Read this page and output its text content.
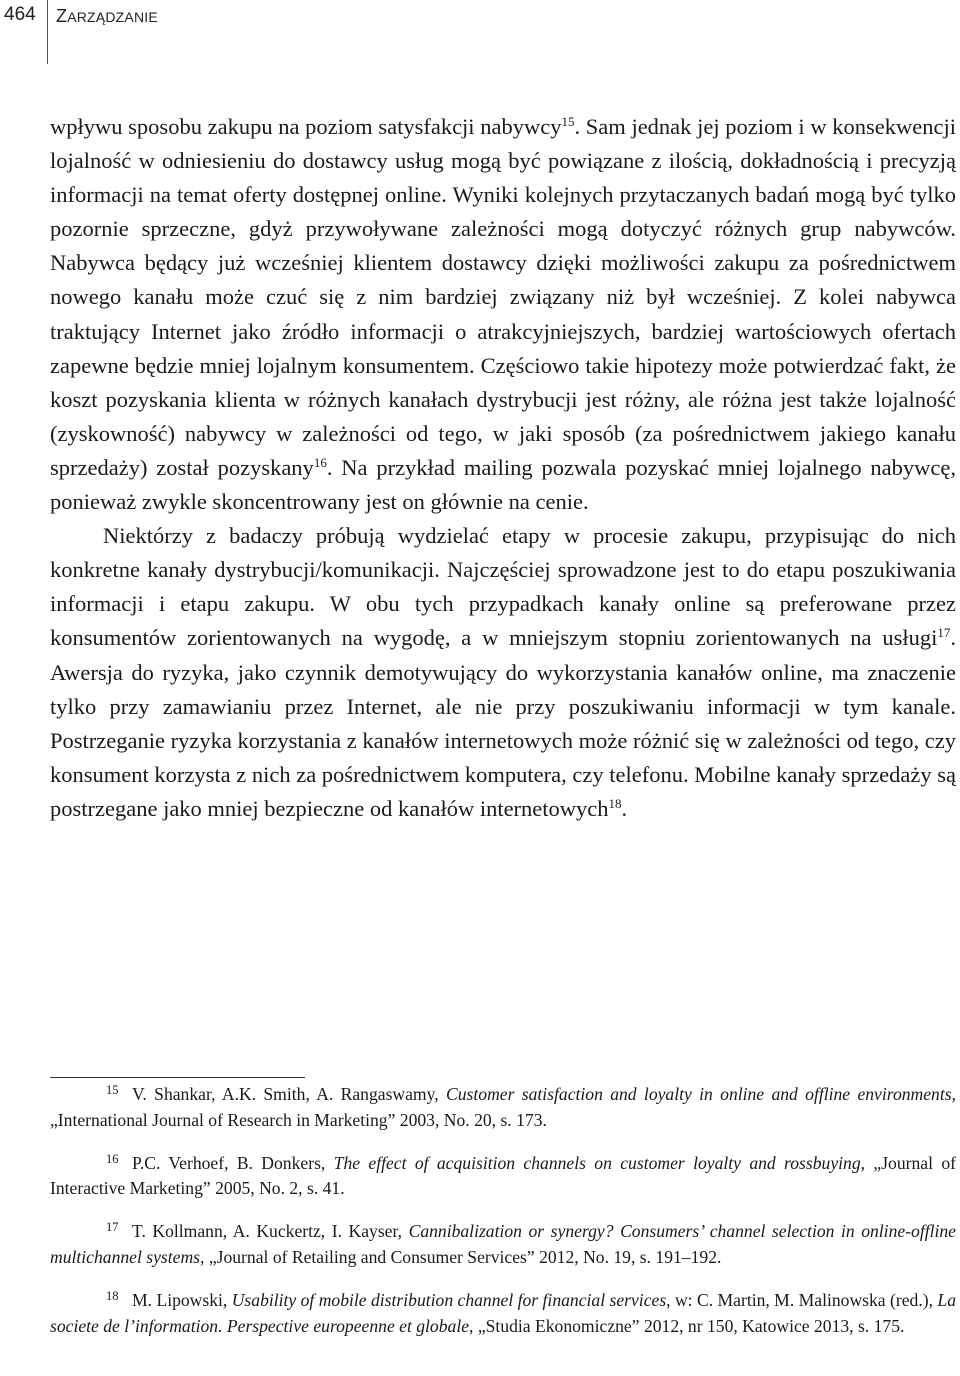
464 ZARZĄDZANIE

wpływu sposobu zakupu na poziom satysfakcji nabywcy$^{15}$. Sam jednak jej poziom i w konsekwencji lojalność w odniesieniu do dostawcy usług mogą być powiązane z ilością, dokładnością i precyzją informacji na temat oferty dostępnej online. Wyniki kolejnych przytaczanych badań mogą być tylko pozornie sprzeczne, gdyż przywoływane zależności mogą dotyczyć różnych grup nabywców. Nabywca będący już wcześniej klientem dostawcy dzięki możliwości zakupu za pośrednictwem nowego kanału może czuć się z nim bardziej związany niż był wcześniej. Z kolei nabywca traktujący Internet jako źródło informacji o atrakcyjniejszych, bardziej wartościowych ofertach zapewne będzie mniej lojalnym konsumentem. Częściowo takie hipotezy może potwierdzać fakt, że koszt pozyskania klienta w różnych kanałach dystrybucji jest różny, ale różna jest także lojalność (zyskowność) nabywcy w zależności od tego, w jaki sposób (za pośrednictwem jakiego kanału sprzedaży) został pozyskany$^{16}$. Na przykład mailing pozwala pozyskać mniej lojalnego nabywcę, ponieważ zwykle skoncentrowany jest on głównie na cenie.

Niektórzy z badaczy próbują wydzielać etapy w procesie zakupu, przypisując do nich konkretne kanały dystrybucji/komunikacji. Najczęściej sprowadzone jest to do etapu poszukiwania informacji i etapu zakupu. W obu tych przypadkach kanały online są preferowane przez konsumentów zorientowanych na wygodę, a w mniejszym stopniu zorientowanych na usługi$^{17}$. Awersja do ryzyka, jako czynnik demotywujący do wykorzystania kanałów online, ma znaczenie tylko przy zamawianiu przez Internet, ale nie przy poszukiwaniu informacji w tym kanale. Postrzeganie ryzyka korzystania z kanałów internetowych może różnić się w zależności od tego, czy konsument korzysta z nich za pośrednictwem komputera, czy telefonu. Mobilne kanały sprzedaży są postrzegane jako mniej bezpieczne od kanałów internetowych$^{18}$.

15 V. Shankar, A.K. Smith, A. Rangaswamy, Customer satisfaction and loyalty in online and offline environments, „International Journal of Research in Marketing” 2003, No. 20, s. 173.

16 P.C. Verhoef, B. Donkers, The effect of acquisition channels on customer loyalty and rossbuying, „Journal of Interactive Marketing” 2005, No. 2, s. 41.

17 T. Kollmann, A. Kuckertz, I. Kayser, Cannibalization or synergy? Consumers’ channel selection in online-offline multichannel systems, „Journal of Retailing and Consumer Services” 2012, No. 19, s. 191–192.

18 M. Lipowski, Usability of mobile distribution channel for financial services, w: C. Martin, M. Malinowska (red.), La societe de l’information. Perspective europeenne et globale, „Studia Ekonomiczne” 2012, nr 150, Katowice 2013, s. 175.
